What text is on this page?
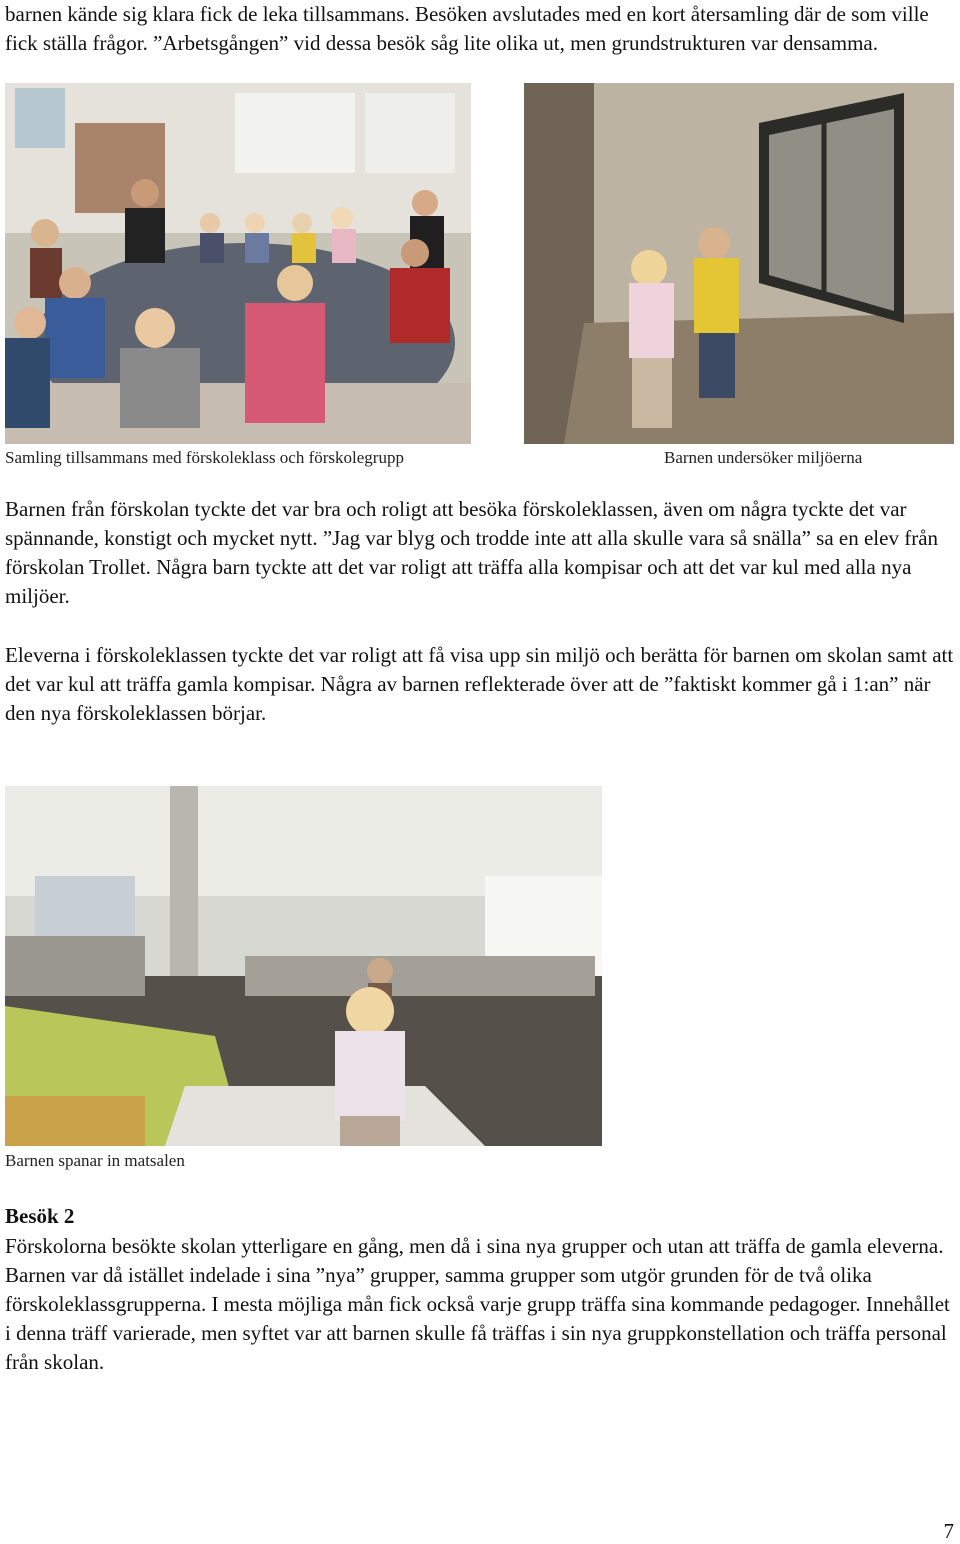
barnen kände sig klara fick de leka tillsammans. Besöken avslutades med en kort återsamling där de som ville fick ställa frågor. ”Arbetsgången” vid dessa besök såg lite olika ut, men grundstrukturen var densamma.

Samling tillsammans med förskoleklass och förskolegrupp	Barnen undersöker miljöerna

Barnen från förskolan tyckte det var bra och roligt att besöka förskoleklassen, även om några tyckte det var spännande, konstigt och mycket nytt. ”Jag var blyg och trodde inte att alla skulle vara så snälla” sa en elev från förskolan Trollet. Några barn tyckte att det var roligt att träffa alla kompisar och att det var kul med alla nya miljöer.

Eleverna i förskoleklassen tyckte det var roligt att få visa upp sin miljö och berätta för barnen om skolan samt att det var kul att träffa gamla kompisar. Några av barnen reflekterade över att de ”faktiskt kommer gå i 1:an” när den nya förskoleklassen börjar.

Barnen spanar in matsalen
Besök 2

Förskolorna besökte skolan ytterligare en gång, men då i sina nya grupper och utan att träffa de gamla eleverna. Barnen var då istället indelade i sina ”nya” grupper, samma grupper som utgör grunden för de två olika förskoleklassgrupperna. I mesta möjliga mån fick också varje grupp träffa sina kommande pedagoger. Innehållet i denna träff varierade, men syftet var att barnen skulle få träffas i sin nya gruppkonstellation och träffa personal från skolan.

7
